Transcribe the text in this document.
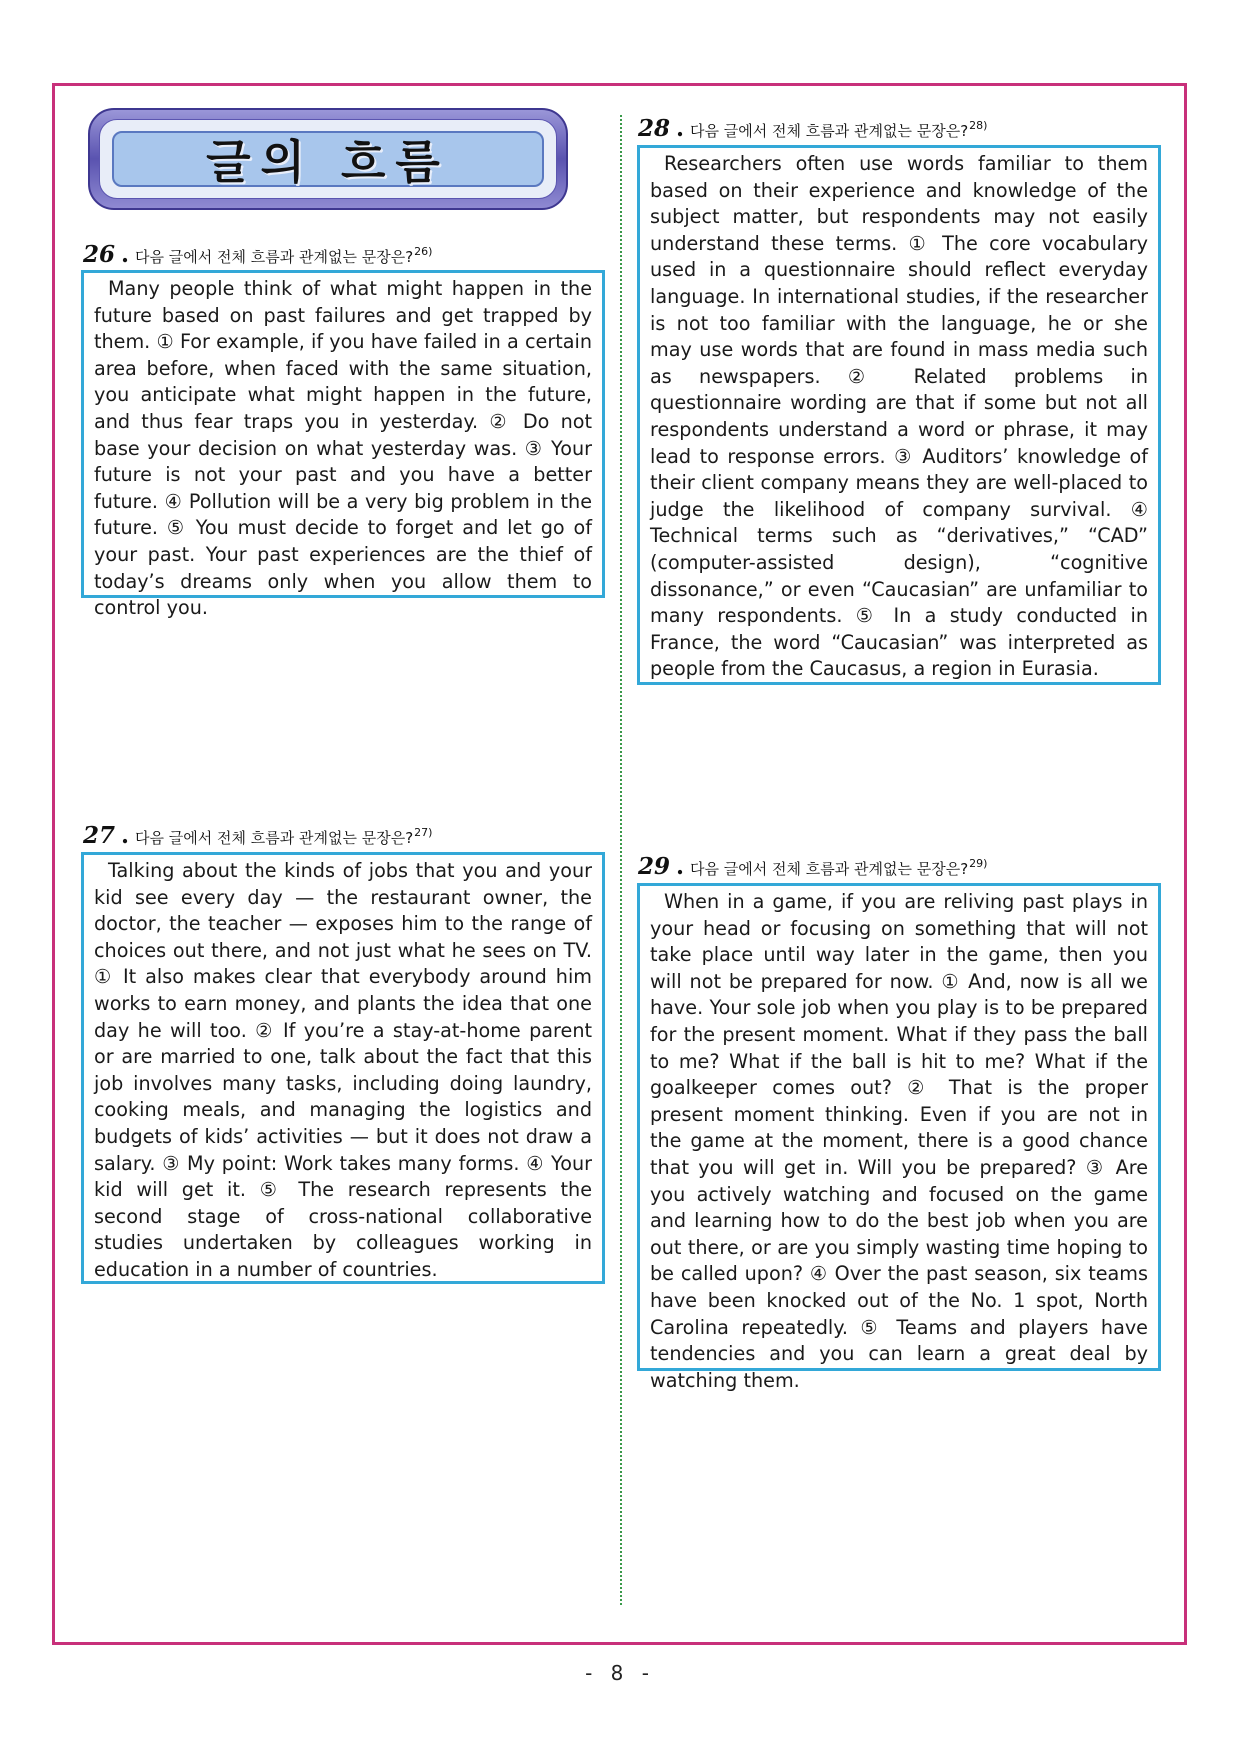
글의 흐름
26 . 다음 글에서 전체 흐름과 관계없는 문장은? 26)
Many people think of what might happen in the future based on past failures and get trapped by them. ① For example, if you have failed in a certain area before, when faced with the same situation, you anticipate what might happen in the future, and thus fear traps you in yesterday. ② Do not base your decision on what yesterday was. ③ Your future is not your past and you have a better future. ④ Pollution will be a very big problem in the future. ⑤ You must decide to forget and let go of your past. Your past experiences are the thief of today’s dreams only when you allow them to control you.
27 . 다음 글에서 전체 흐름과 관계없는 문장은? 27)
Talking about the kinds of jobs that you and your kid see every day — the restaurant owner, the doctor, the teacher — exposes him to the range of choices out there, and not just what he sees on TV. ① It also makes clear that everybody around him works to earn money, and plants the idea that one day he will too. ② If you’re a stay-at-home parent or are married to one, talk about the fact that this job involves many tasks, including doing laundry, cooking meals, and managing the logistics and budgets of kids’ activities — but it does not draw a salary. ③ My point: Work takes many forms. ④ Your kid will get it. ⑤ The research represents the second stage of cross-national collaborative studies undertaken by colleagues working in education in a number of countries.
28 . 다음 글에서 전체 흐름과 관계없는 문장은? 28)
Researchers often use words familiar to them based on their experience and knowledge of the subject matter, but respondents may not easily understand these terms. ① The core vocabulary used in a questionnaire should reflect everyday language. In international studies, if the researcher is not too familiar with the language, he or she may use words that are found in mass media such as newspapers. ② Related problems in questionnaire wording are that if some but not all respondents understand a word or phrase, it may lead to response errors. ③ Auditors’ knowledge of their client company means they are well-placed to judge the likelihood of company survival. ④ Technical terms such as “derivatives,” “CAD” (computer-assisted design), “cognitive dissonance,” or even “Caucasian” are unfamiliar to many respondents. ⑤ In a study conducted in France, the word “Caucasian” was interpreted as people from the Caucasus, a region in Eurasia.
29 . 다음 글에서 전체 흐름과 관계없는 문장은? 29)
When in a game, if you are reliving past plays in your head or focusing on something that will not take place until way later in the game, then you will not be prepared for now. ① And, now is all we have. Your sole job when you play is to be prepared for the present moment. What if they pass the ball to me? What if the ball is hit to me? What if the goalkeeper comes out? ② That is the proper present moment thinking. Even if you are not in the game at the moment, there is a good chance that you will get in. Will you be prepared? ③ Are you actively watching and focused on the game and learning how to do the best job when you are out there, or are you simply wasting time hoping to be called upon? ④ Over the past season, six teams have been knocked out of the No. 1 spot, North Carolina repeatedly. ⑤ Teams and players have tendencies and you can learn a great deal by watching them.
- 8 -
